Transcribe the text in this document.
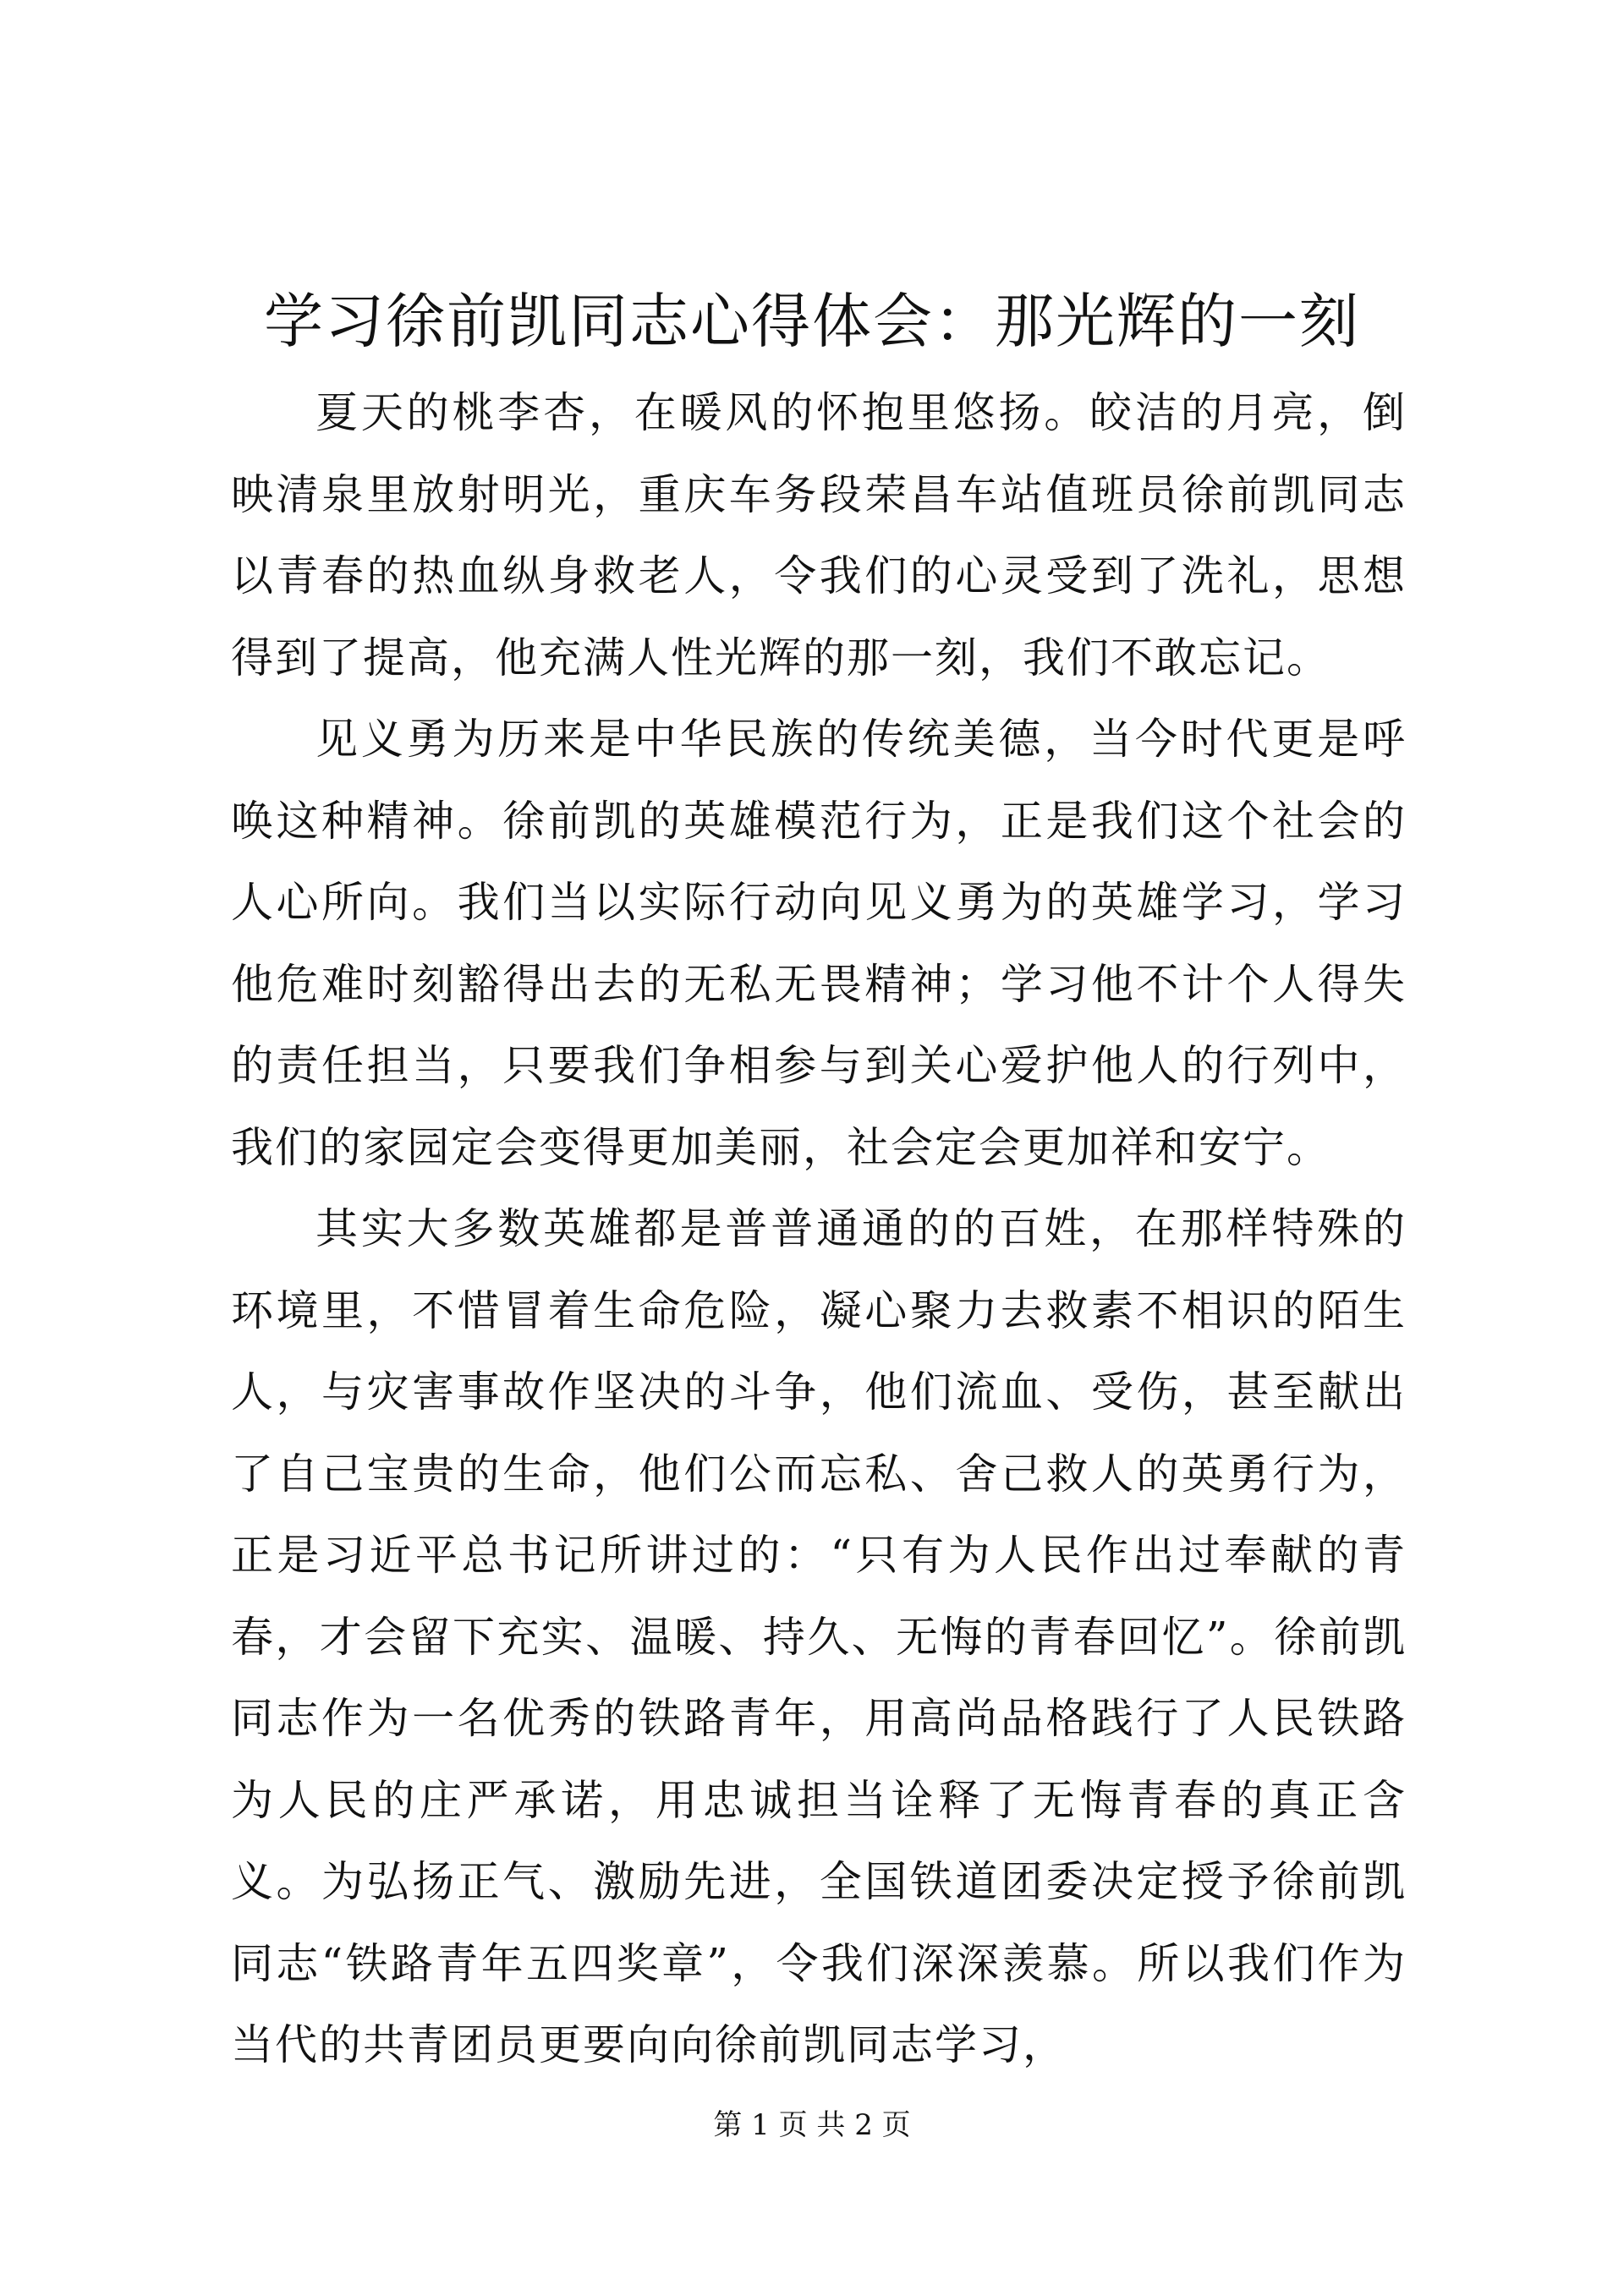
学习徐前凯同志心得体会：那光辉的一刻

夏天的桃李杏，在暖风的怀抱里悠扬。皎洁的月亮，倒映清泉里放射明光，重庆车务段荣昌车站值班员徐前凯同志以青春的热血纵身救老人，令我们的心灵受到了洗礼，思想得到了提高，他充满人性光辉的那一刻，我们不敢忘记。

见义勇为历来是中华民族的传统美德，当今时代更是呼唤这种精神。徐前凯的英雄模范行为，正是我们这个社会的人心所向。我们当以实际行动向见义勇为的英雄学习，学习他危难时刻豁得出去的无私无畏精神；学习他不计个人得失的责任担当，只要我们争相参与到关心爱护他人的行列中，我们的家园定会变得更加美丽，社会定会更加祥和安宁。

其实大多数英雄都是普普通通的的百姓，在那样特殊的环境里，不惜冒着生命危险，凝心聚力去救素不相识的陌生人，与灾害事故作坚决的斗争，他们流血、受伤，甚至献出了自己宝贵的生命，他们公而忘私、舍己救人的英勇行为，正是习近平总书记所讲过的：“只有为人民作出过奉献的青春，才会留下充实、温暖、持久、无悔的青春回忆”。徐前凯同志作为一名优秀的铁路青年，用高尚品格践行了人民铁路为人民的庄严承诺，用忠诚担当诠释了无悔青春的真正含义。为弘扬正气、激励先进，全国铁道团委决定授予徐前凯同志“铁路青年五四奖章”，令我们深深羡慕。所以我们作为当代的共青团员更要向向徐前凯同志学习，

第 1 页 共 2 页
